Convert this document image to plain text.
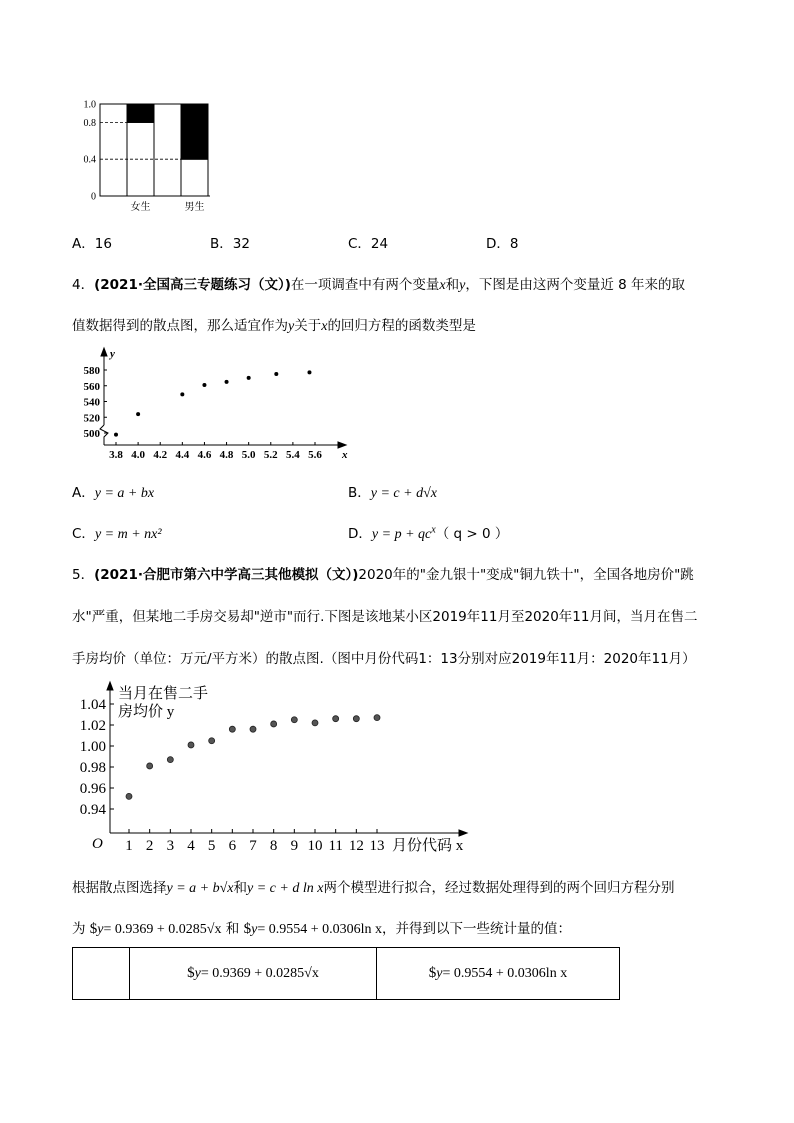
1.0
0.8
0.4
0
女生	男生
A．16	B．32	C．24	D．8
4．(2021·全国高三专题练习（文）)在一项调查中有两个变量x和y，下图是由这两个变量近 8 年来的取
值数据得到的散点图，那么适宜作为y关于x的回归方程的函数类型是
y
x
500
520
540
560
580
3.8 4.0 4.2 4.4 4.6 4.8 5.0 5.2 5.4 5.6
A．y = a + bx	B．y = c + d√x
C．y = m + nx²	D．$y = p + qc^x$（ q > 0 ）
5．(2021·合肥市第六中学高三其他模拟（文）)2020年的"金九银十"变成"铜九铁十"，全国各地房价"跳
水"严重，但某地二手房交易却"逆市"而行.下图是该地某小区2019年11月至2020年11月间，当月在售二
手房均价（单位：万元/平方米）的散点图.（图中月份代码1：13分别对应2019年11月：2020年11月）
当月在售二手
房均价 y
月份代码 x
O
0.94
0.96
0.98
1.00
1.02
1.04
1 2 3 4 5 6 7 8 9 10 11 12 13
根据散点图选择y = a + b√x和y = c + d ln x两个模型进行拟合，经过数据处理得到的两个回归方程分别
为 $y= 0.9369 + 0.0285√x 和 $y= 0.9554 + 0.0306ln x，并得到以下一些统计量的值：
$ y = 0.9369 + 0.0285√x	$ y = 0.9554 + 0.0306ln x
